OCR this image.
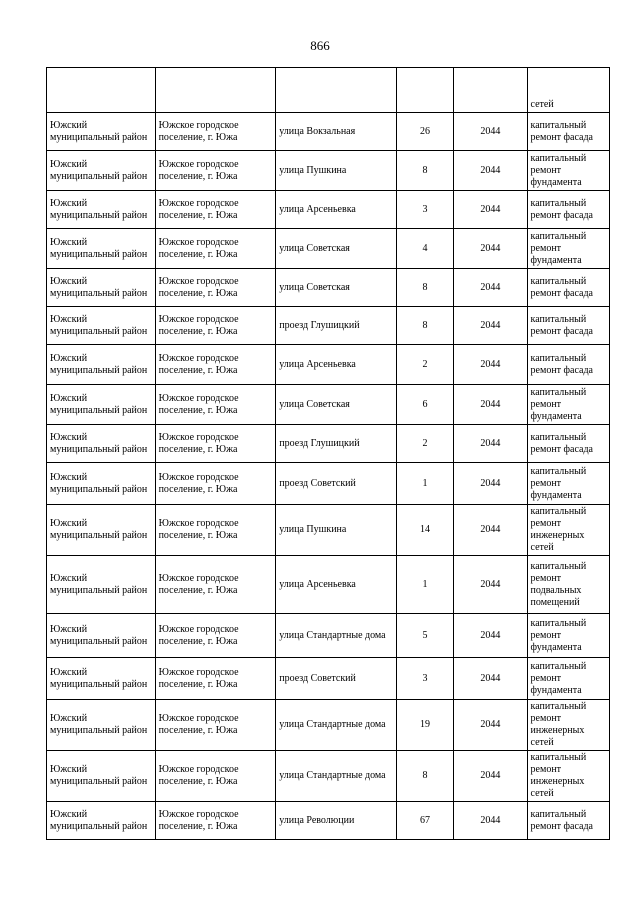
866
					сетей
Южский муниципальный район	Южское городское поселение, г. Южа	улица Вокзальная	26	2044	капитальный ремонт фасада
Южский муниципальный район	Южское городское поселение, г. Южа	улица Пушкина	8	2044	капитальный ремонт фундамента
Южский муниципальный район	Южское городское поселение, г. Южа	улица Арсеньевка	3	2044	капитальный ремонт фасада
Южский муниципальный район	Южское городское поселение, г. Южа	улица Советская	4	2044	капитальный ремонт фундамента
Южский муниципальный район	Южское городское поселение, г. Южа	улица Советская	8	2044	капитальный ремонт фасада
Южский муниципальный район	Южское городское поселение, г. Южа	проезд Глушицкий	8	2044	капитальный ремонт фасада
Южский муниципальный район	Южское городское поселение, г. Южа	улица Арсеньевка	2	2044	капитальный ремонт фасада
Южский муниципальный район	Южское городское поселение, г. Южа	улица Советская	6	2044	капитальный ремонт фундамента
Южский муниципальный район	Южское городское поселение, г. Южа	проезд Глушицкий	2	2044	капитальный ремонт фасада
Южский муниципальный район	Южское городское поселение, г. Южа	проезд Советский	1	2044	капитальный ремонт фундамента
Южский муниципальный район	Южское городское поселение, г. Южа	улица Пушкина	14	2044	капитальный ремонт инженерных сетей
Южский муниципальный район	Южское городское поселение, г. Южа	улица Арсеньевка	1	2044	капитальный ремонт подвальных помещений
Южский муниципальный район	Южское городское поселение, г. Южа	улица Стандартные дома	5	2044	капитальный ремонт фундамента
Южский муниципальный район	Южское городское поселение, г. Южа	проезд Советский	3	2044	капитальный ремонт фундамента
Южский муниципальный район	Южское городское поселение, г. Южа	улица Стандартные дома	19	2044	капитальный ремонт инженерных сетей
Южский муниципальный район	Южское городское поселение, г. Южа	улица Стандартные дома	8	2044	капитальный ремонт инженерных сетей
Южский муниципальный район	Южское городское поселение, г. Южа	улица Революции	67	2044	капитальный ремонт фасада
